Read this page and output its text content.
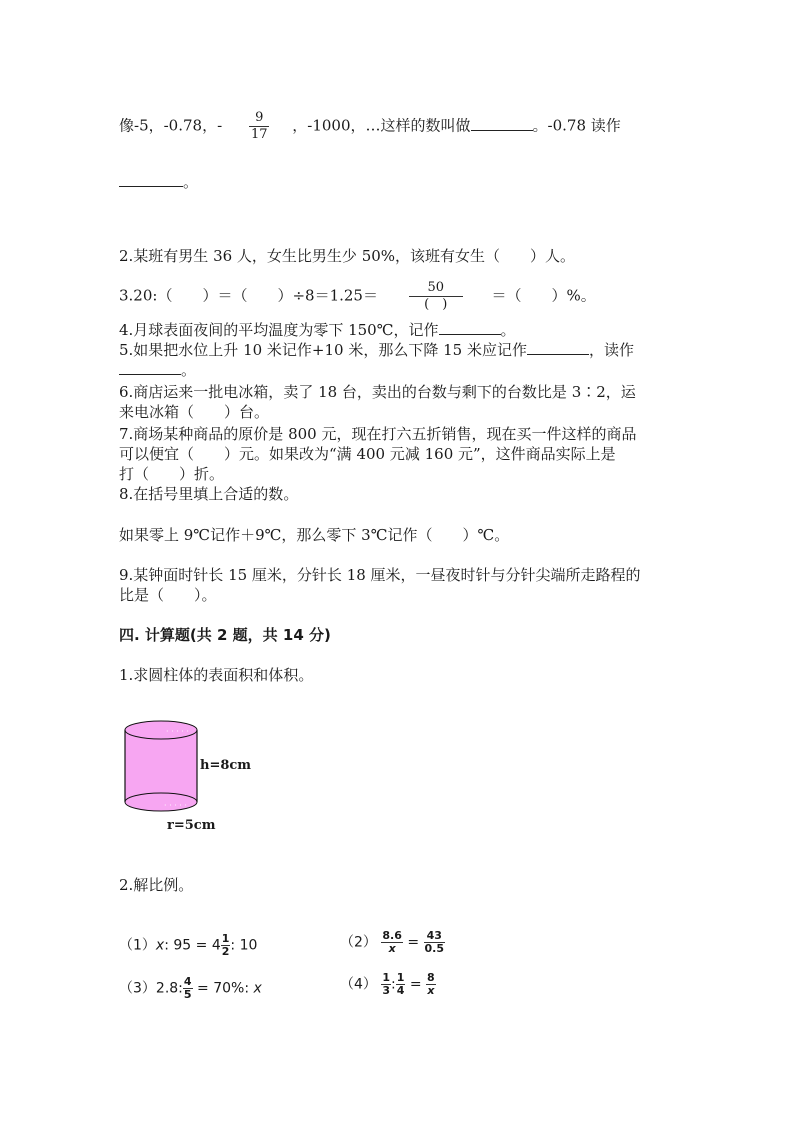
像-5，-0.78，- $\frac{9}{17}$ ，-1000，…这样的数叫做	。-0.78 读作
。
2.某班有男生 36 人，女生比男生少 50%，该班有女生（　　）人。
3.20:（　　）＝（　　）$\div 8=1.25= \frac{50}{( )}$ ＝（　　）%。
4.月球表面夜间的平均温度为零下 150℃，记作	。
5.如果把水位上升 10 米记作+10 米，那么下降 15 米应记作	，读作
。
6.商店运来一批电冰箱，卖了 18 台，卖出的台数与剩下的台数比是 3∶2，运
来电冰箱（　　）台。
7.商场某种商品的原价是 800 元，现在打六五折销售，现在买一件这样的商品
可以便宜（　　）元。如果改为“满 400 元减 160 元”，这件商品实际上是
打（　　）折。
8.在括号里填上合适的数。
如果零上 9℃记作＋9℃，那么零下 3℃记作（　　）℃。
9.某钟面时针长 15 厘米，分针长 18 厘米，一昼夜时针与分针尖端所走路程的
比是（　　）。
四. 计算题(共 2 题，共 14 分)
1.求圆柱体的表面积和体积。
· · · · ·
· · · · ·
h=8cm
r=5cm
2.解比例。
（1）x: $95 = 4 \frac{1}{2}$ : 10	$(2) \frac{8.6}{x} = \frac{43}{0.5}$
（3）2.8: $\frac{4}{5} = 70\%$: x	$(4) \frac{1}{3}$ : $\frac{1}{4} = \frac{8}{x}$
